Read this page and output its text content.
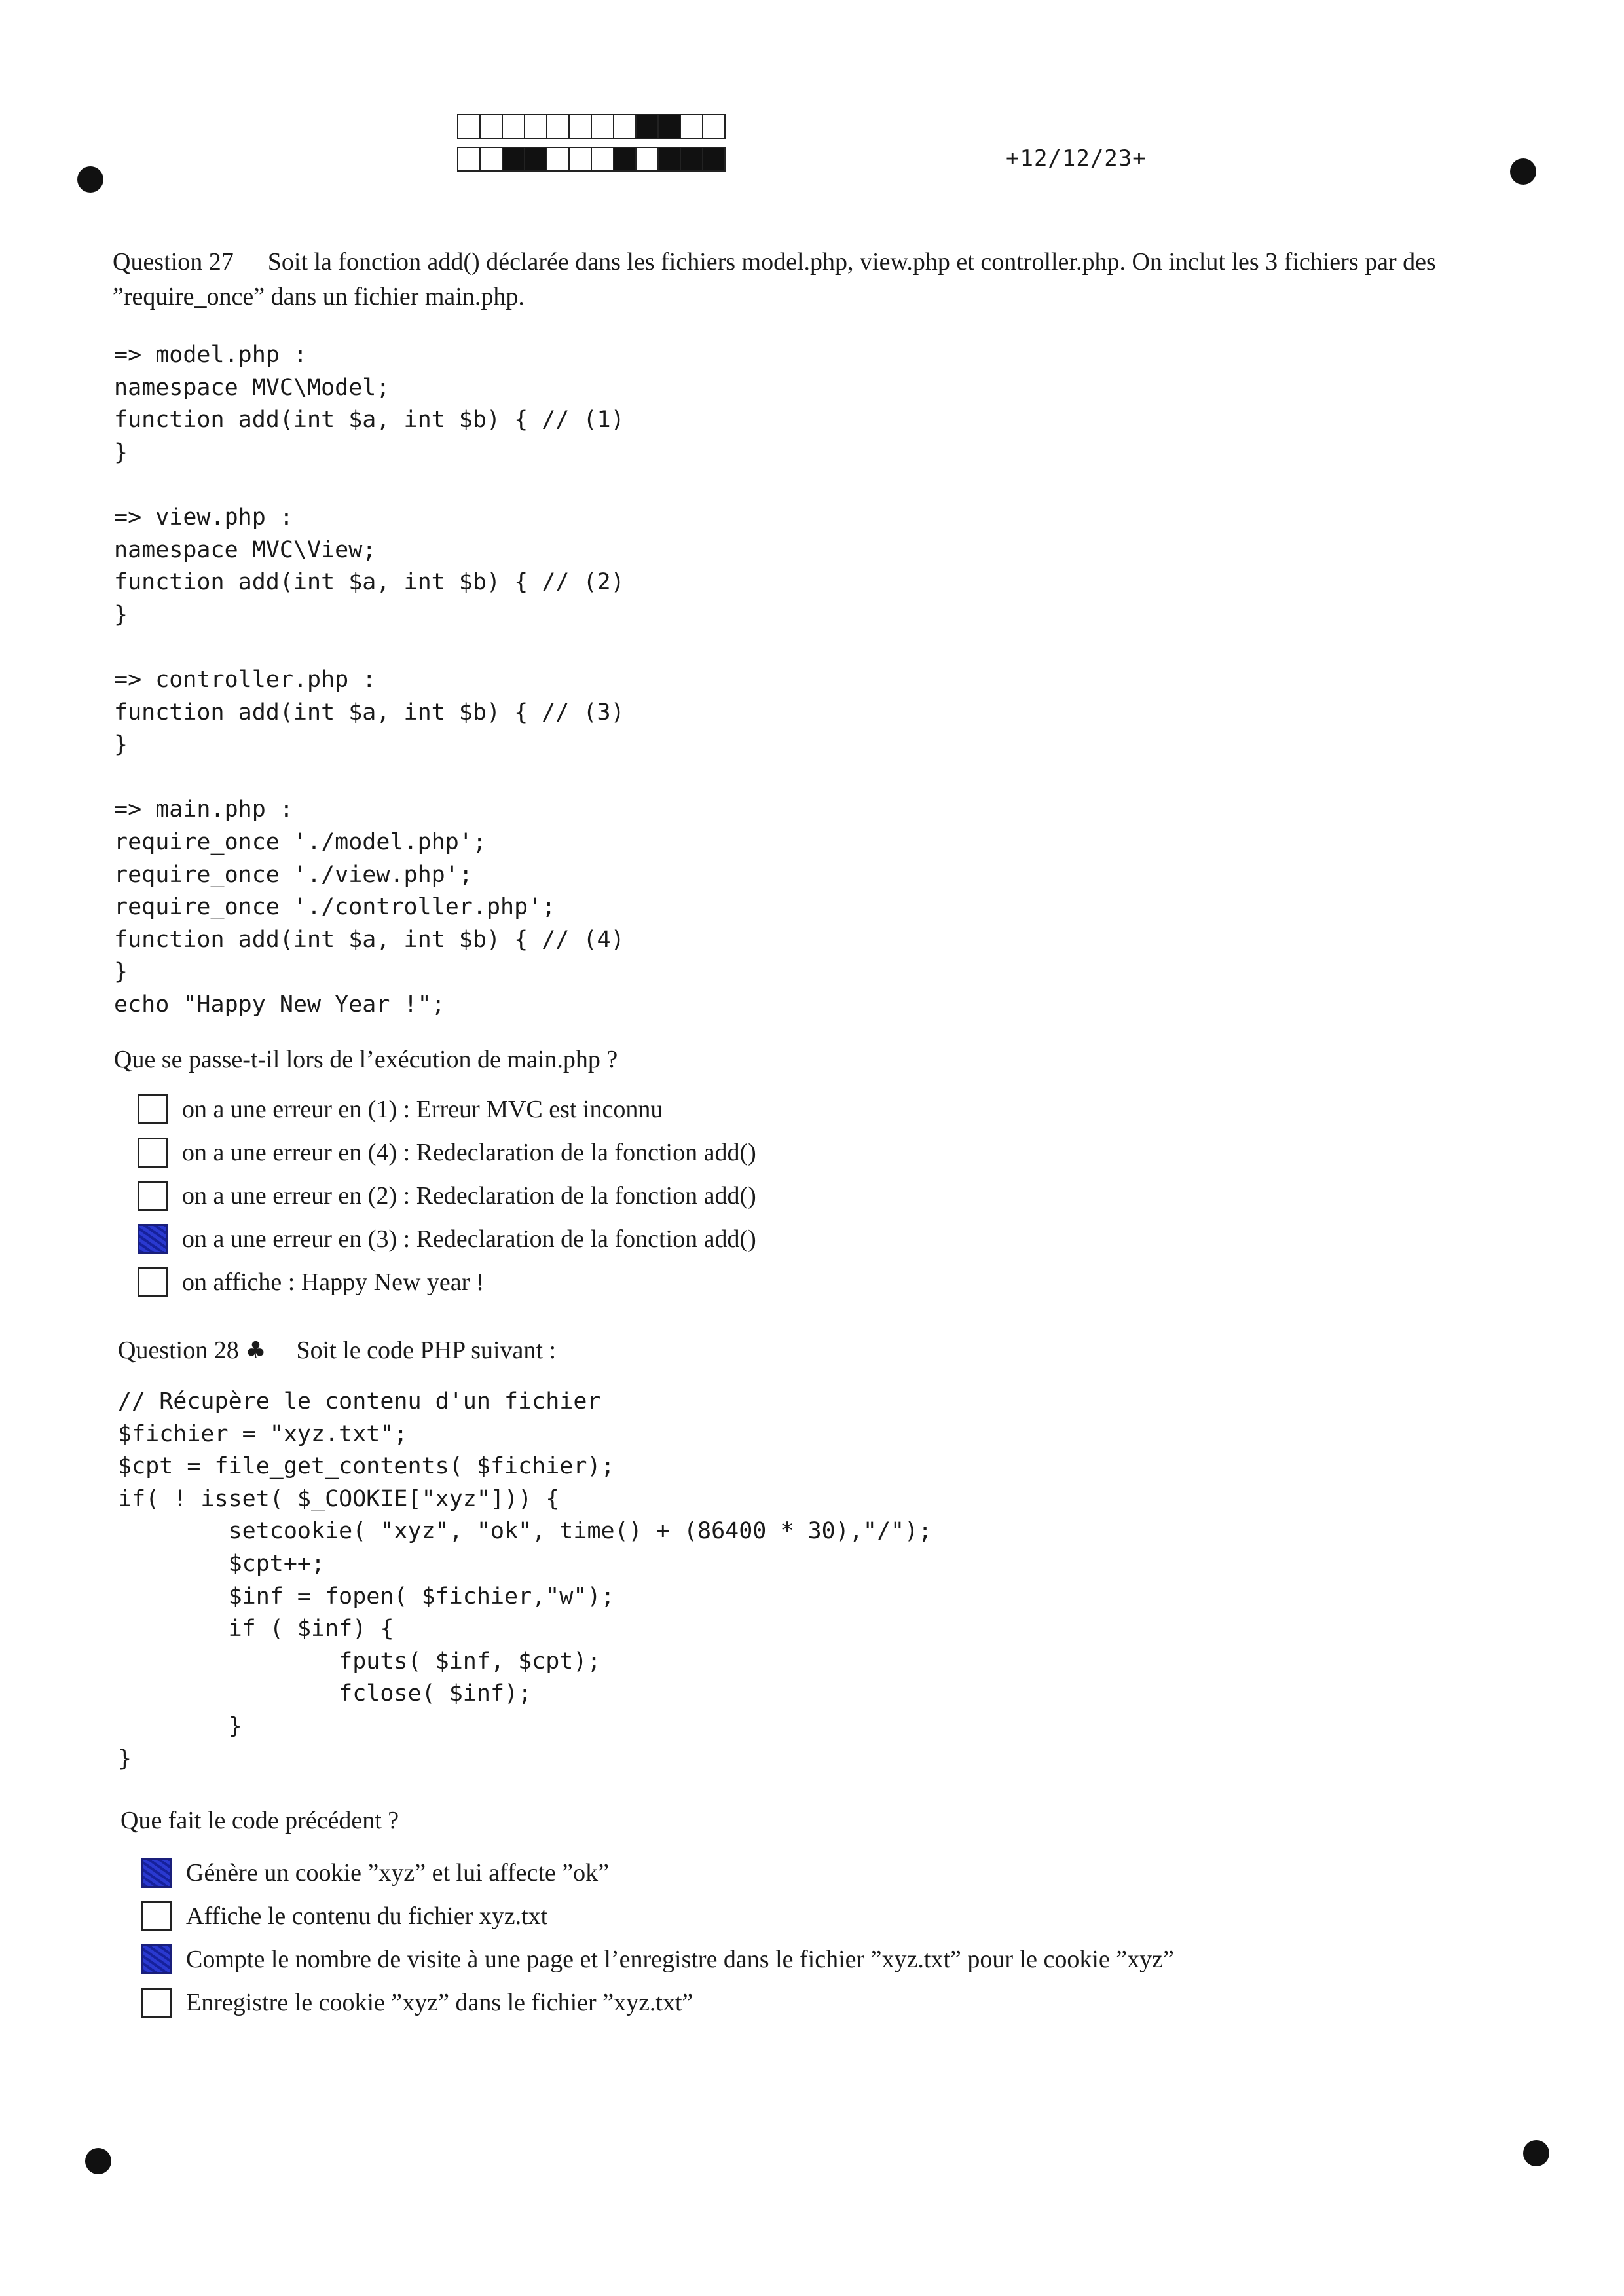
+12/12/23+
Question 27 Soit la fonction add() déclarée dans les fichiers model.php, view.php et controller.php. On inclut les 3 fichiers par des ”require_once” dans un fichier main.php.
=> model.php :
namespace MVC\Model;
function add(int $a, int $b) { // (1)
}

=> view.php :
namespace MVC\View;
function add(int $a, int $b) { // (2)
}

=> controller.php :
function add(int $a, int $b) { // (3)
}

=> main.php :
require_once './model.php';
require_once './view.php';
require_once './controller.php';
function add(int $a, int $b) { // (4)
}
echo "Happy New Year !";
Que se passe-t-il lors de l’exécution de main.php ?
on a une erreur en (1) : Erreur MVC est inconnu
on a une erreur en (4) : Redeclaration de la fonction add()
on a une erreur en (2) : Redeclaration de la fonction add()
on a une erreur en (3) : Redeclaration de la fonction add()
on affiche : Happy New year !
Question 28 ♣ Soit le code PHP suivant :
// Récupère le contenu d'un fichier
$fichier = "xyz.txt";
$cpt = file_get_contents( $fichier);
if( ! isset( $_COOKIE["xyz"])) {
setcookie( "xyz", "ok", time() + (86400 * 30),"/");
$cpt++;
$inf = fopen( $fichier,"w");
if ( $inf) {
fputs( $inf, $cpt);
fclose( $inf);
}
}
Que fait le code précédent ?
Génère un cookie ”xyz” et lui affecte ”ok”
Affiche le contenu du fichier xyz.txt
Compte le nombre de visite à une page et l’enregistre dans le fichier ”xyz.txt” pour le cookie ”xyz”
Enregistre le cookie ”xyz” dans le fichier ”xyz.txt”
